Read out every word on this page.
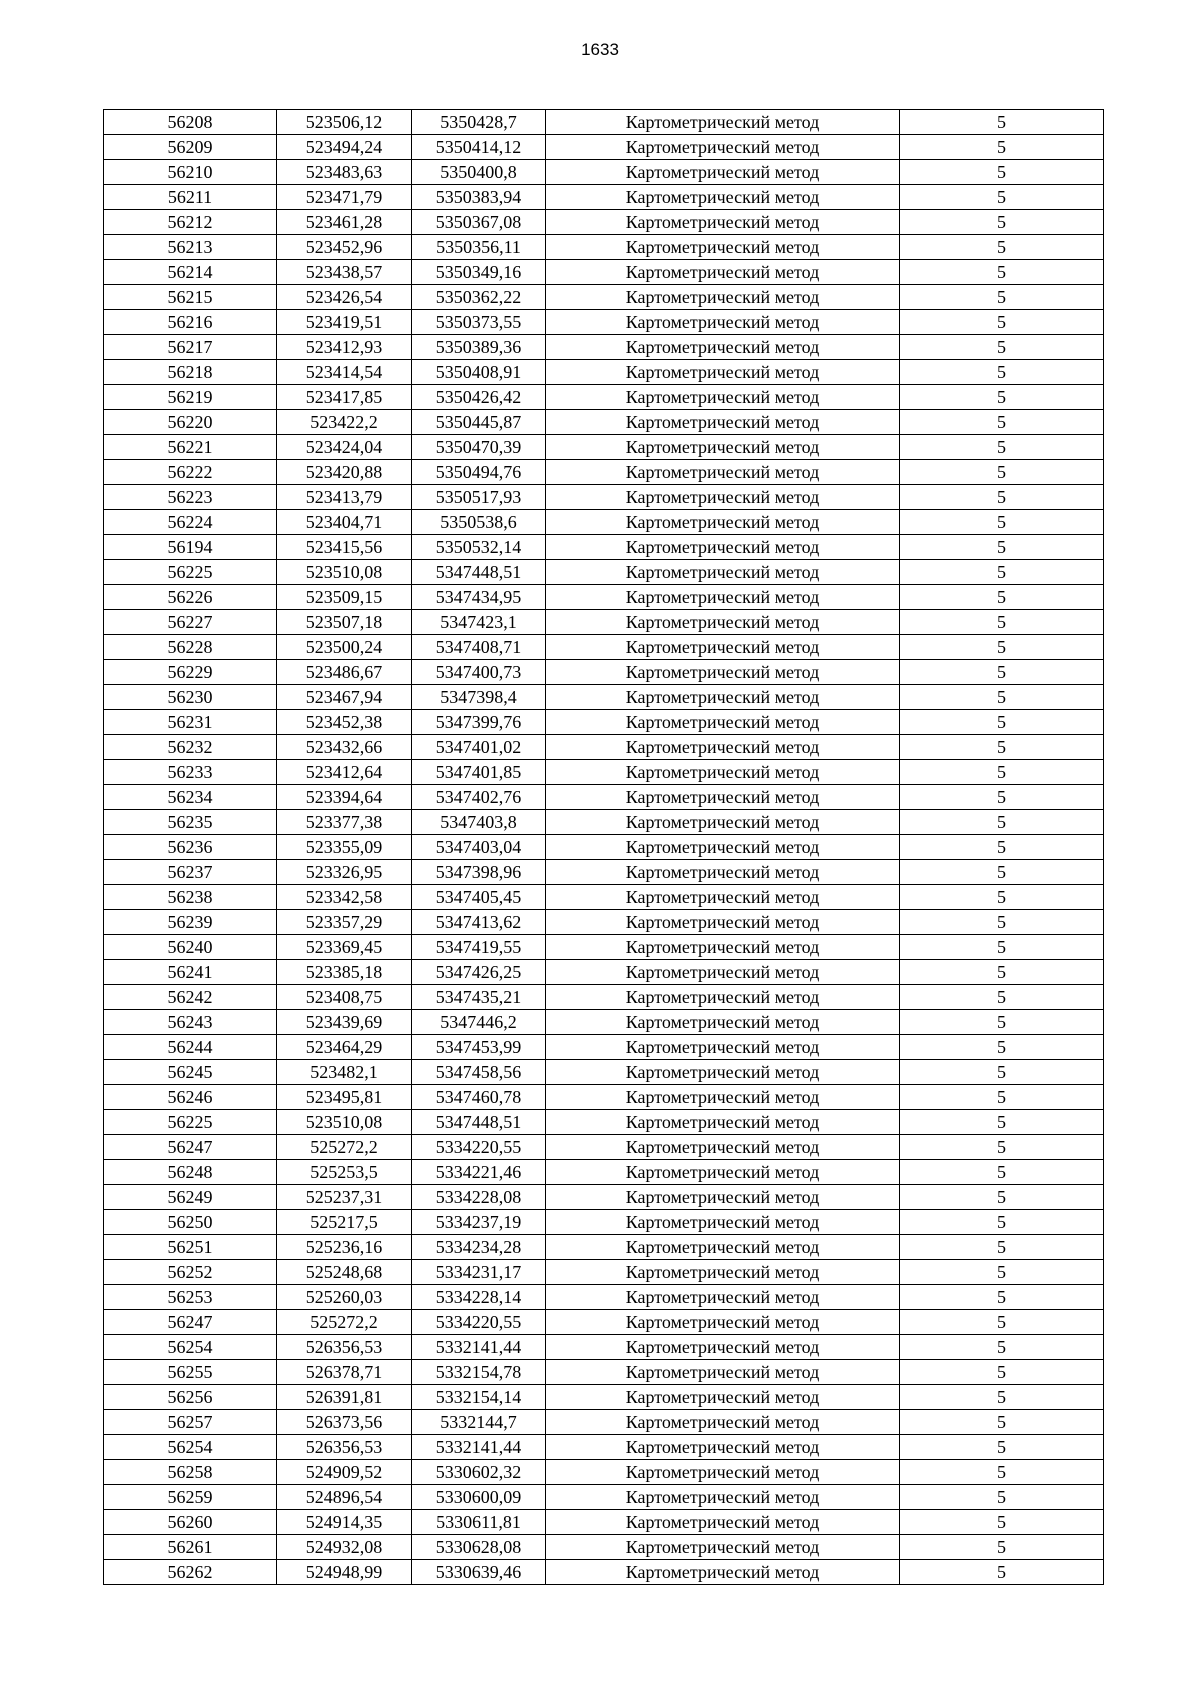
1633
56208	523506,12	5350428,7	Картометрический метод	5
56209	523494,24	5350414,12	Картометрический метод	5
56210	523483,63	5350400,8	Картометрический метод	5
56211	523471,79	5350383,94	Картометрический метод	5
56212	523461,28	5350367,08	Картометрический метод	5
56213	523452,96	5350356,11	Картометрический метод	5
56214	523438,57	5350349,16	Картометрический метод	5
56215	523426,54	5350362,22	Картометрический метод	5
56216	523419,51	5350373,55	Картометрический метод	5
56217	523412,93	5350389,36	Картометрический метод	5
56218	523414,54	5350408,91	Картометрический метод	5
56219	523417,85	5350426,42	Картометрический метод	5
56220	523422,2	5350445,87	Картометрический метод	5
56221	523424,04	5350470,39	Картометрический метод	5
56222	523420,88	5350494,76	Картометрический метод	5
56223	523413,79	5350517,93	Картометрический метод	5
56224	523404,71	5350538,6	Картометрический метод	5
56194	523415,56	5350532,14	Картометрический метод	5
56225	523510,08	5347448,51	Картометрический метод	5
56226	523509,15	5347434,95	Картометрический метод	5
56227	523507,18	5347423,1	Картометрический метод	5
56228	523500,24	5347408,71	Картометрический метод	5
56229	523486,67	5347400,73	Картометрический метод	5
56230	523467,94	5347398,4	Картометрический метод	5
56231	523452,38	5347399,76	Картометрический метод	5
56232	523432,66	5347401,02	Картометрический метод	5
56233	523412,64	5347401,85	Картометрический метод	5
56234	523394,64	5347402,76	Картометрический метод	5
56235	523377,38	5347403,8	Картометрический метод	5
56236	523355,09	5347403,04	Картометрический метод	5
56237	523326,95	5347398,96	Картометрический метод	5
56238	523342,58	5347405,45	Картометрический метод	5
56239	523357,29	5347413,62	Картометрический метод	5
56240	523369,45	5347419,55	Картометрический метод	5
56241	523385,18	5347426,25	Картометрический метод	5
56242	523408,75	5347435,21	Картометрический метод	5
56243	523439,69	5347446,2	Картометрический метод	5
56244	523464,29	5347453,99	Картометрический метод	5
56245	523482,1	5347458,56	Картометрический метод	5
56246	523495,81	5347460,78	Картометрический метод	5
56225	523510,08	5347448,51	Картометрический метод	5
56247	525272,2	5334220,55	Картометрический метод	5
56248	525253,5	5334221,46	Картометрический метод	5
56249	525237,31	5334228,08	Картометрический метод	5
56250	525217,5	5334237,19	Картометрический метод	5
56251	525236,16	5334234,28	Картометрический метод	5
56252	525248,68	5334231,17	Картометрический метод	5
56253	525260,03	5334228,14	Картометрический метод	5
56247	525272,2	5334220,55	Картометрический метод	5
56254	526356,53	5332141,44	Картометрический метод	5
56255	526378,71	5332154,78	Картометрический метод	5
56256	526391,81	5332154,14	Картометрический метод	5
56257	526373,56	5332144,7	Картометрический метод	5
56254	526356,53	5332141,44	Картометрический метод	5
56258	524909,52	5330602,32	Картометрический метод	5
56259	524896,54	5330600,09	Картометрический метод	5
56260	524914,35	5330611,81	Картометрический метод	5
56261	524932,08	5330628,08	Картометрический метод	5
56262	524948,99	5330639,46	Картометрический метод	5
